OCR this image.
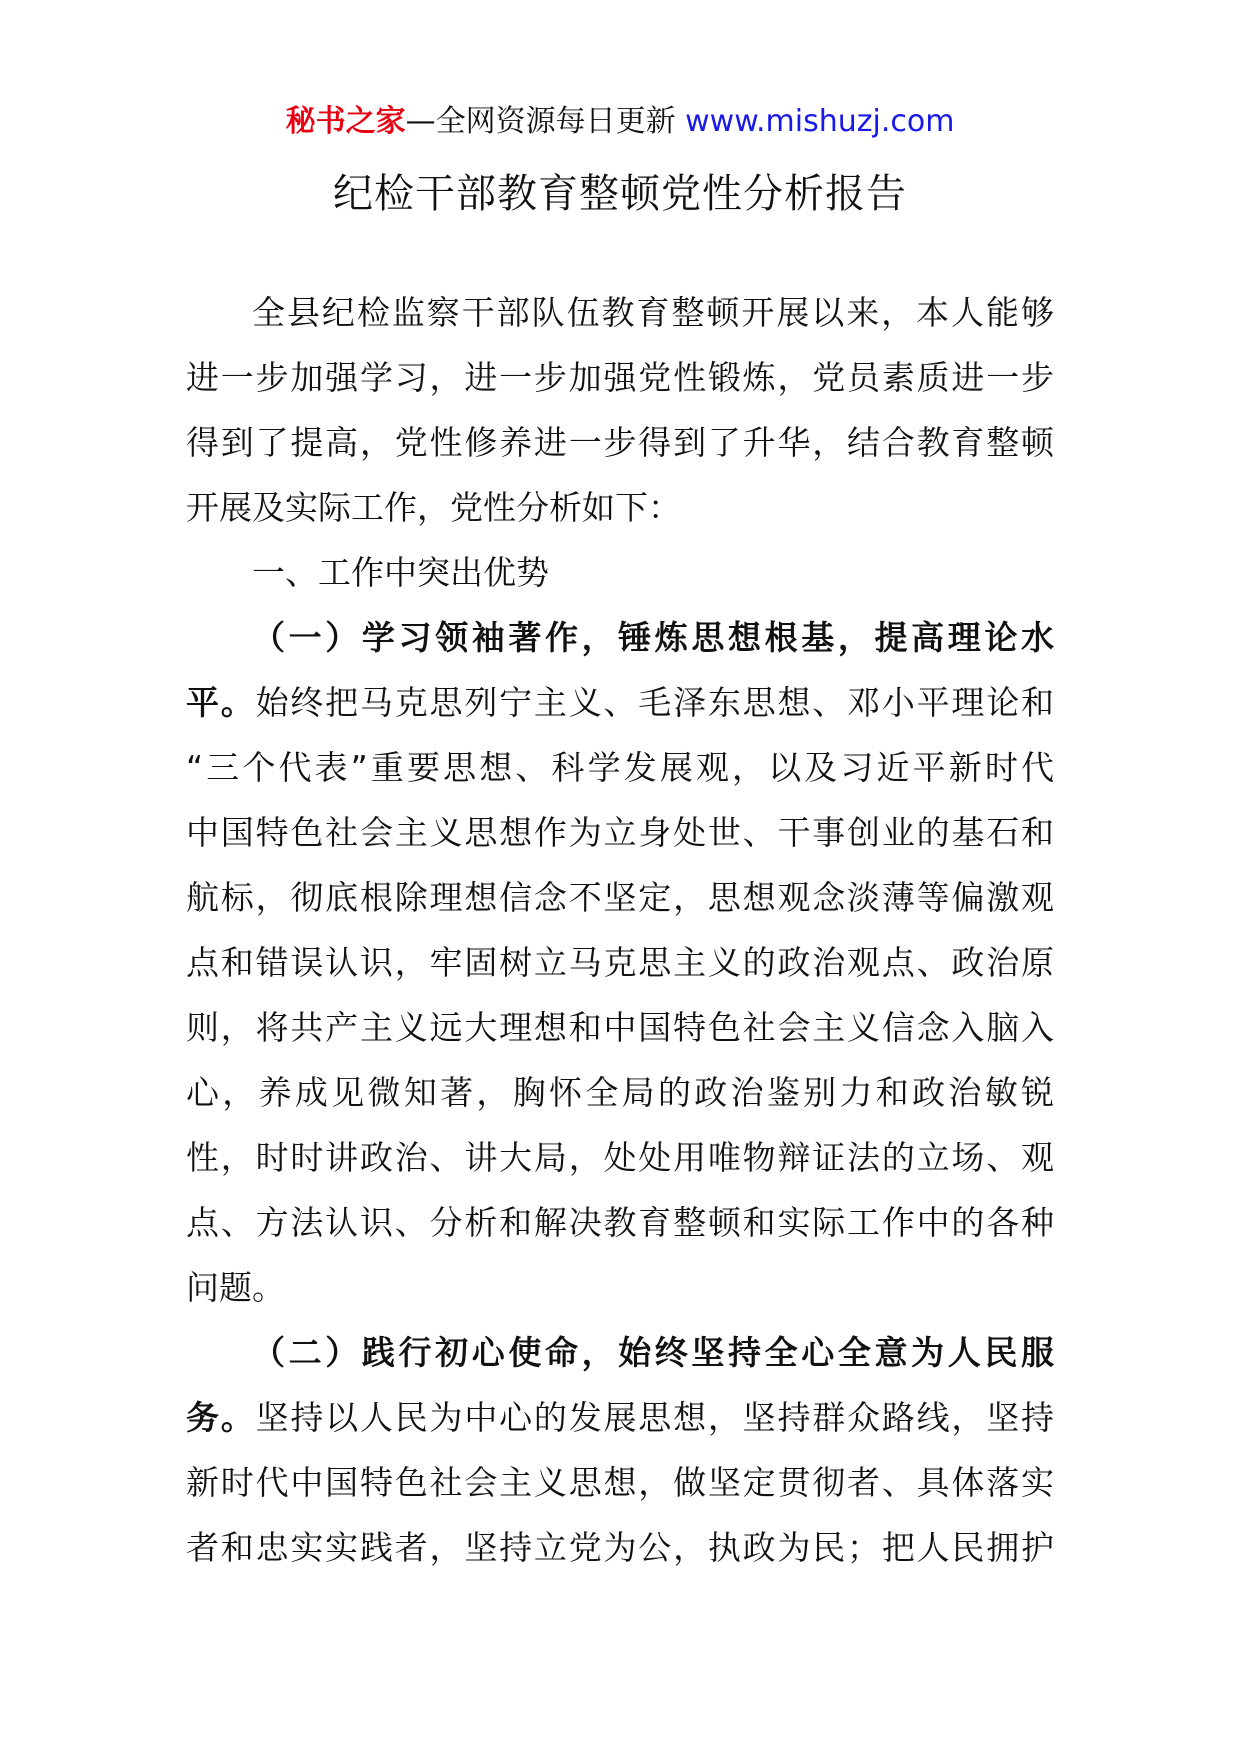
秘书之家—全网资源每日更新 www.mishuzj.com
纪检干部教育整顿党性分析报告
全县纪检监察干部队伍教育整顿开展以来，本人能够
进一步加强学习，进一步加强党性锻炼，党员素质进一步
得到了提高，党性修养进一步得到了升华，结合教育整顿
开展及实际工作，党性分析如下：
一、工作中突出优势
（一）学习领袖著作，锤炼思想根基，提高理论水
平。始终把马克思列宁主义、毛泽东思想、邓小平理论和
“三个代表”重要思想、科学发展观，以及习近平新时代
中国特色社会主义思想作为立身处世、干事创业的基石和
航标，彻底根除理想信念不坚定，思想观念淡薄等偏激观
点和错误认识，牢固树立马克思主义的政治观点、政治原
则，将共产主义远大理想和中国特色社会主义信念入脑入
心，养成见微知著，胸怀全局的政治鉴别力和政治敏锐
性，时时讲政治、讲大局，处处用唯物辩证法的立场、观
点、方法认识、分析和解决教育整顿和实际工作中的各种
问题。
（二）践行初心使命，始终坚持全心全意为人民服
务。坚持以人民为中心的发展思想，坚持群众路线，坚持
新时代中国特色社会主义思想，做坚定贯彻者、具体落实
者和忠实实践者，坚持立党为公，执政为民；把人民拥护
